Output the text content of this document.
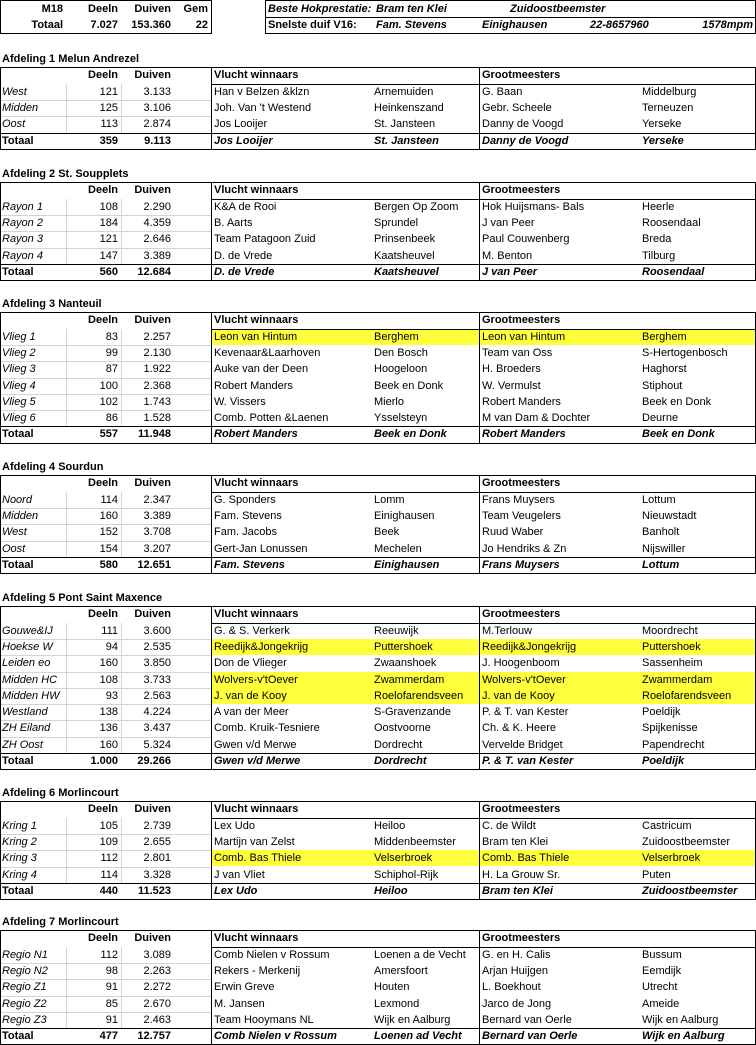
M18	Deeln	Duiven	Gem	Beste Hokprestatie: Bram ten Klei	Zuidoostbeemster
Totaal	7.027	153.360	22	Snelste duif V16:	Fam. Stevens	Einighausen	22-8657960	1578mpm
Afdeling 1 Melun Andrezel
Deeln	Duiven	Vlucht winnaars	Grootmeesters
West	121	3.133	Han v Belzen &klzn	Arnemuiden	G. Baan	Middelburg
Midden	125	3.106	Joh. Van 't Westend	Heinkenszand	Gebr. Scheele	Terneuzen
Oost	113	2.874	Jos Looijer	St. Jansteen	Danny de Voogd	Yerseke
Totaal	359	9.113	Jos Looijer	St. Jansteen	Danny de Voogd	Yerseke
Afdeling 2 St. Soupplets
Deeln	Duiven	Vlucht winnaars	Grootmeesters
Rayon 1	108	2.290	K&A de Rooi	Bergen Op Zoom	Hok Huijsmans- Bals	Heerle
Rayon 2	184	4.359	B. Aarts	Sprundel	J van Peer	Roosendaal
Rayon 3	121	2.646	Team Patagoon Zuid	Prinsenbeek	Paul Couwenberg	Breda
Rayon 4	147	3.389	D. de Vrede	Kaatsheuvel	M. Benton	Tilburg
Totaal	560	12.684	D. de Vrede	Kaatsheuvel	J van Peer	Roosendaal
Afdeling 3 Nanteuil
Deeln	Duiven	Vlucht winnaars	Grootmeesters
Vlieg 1	83	2.257	Leon van Hintum	Berghem	Leon van Hintum	Berghem
Vlieg 2	99	2.130	Kevenaar&Laarhoven	Den Bosch	Team van Oss	S-Hertogenbosch
Vlieg 3	87	1.922	Auke van der Deen	Hoogeloon	H. Broeders	Haghorst
Vlieg 4	100	2.368	Robert Manders	Beek en Donk	W. Vermulst	Stiphout
Vlieg 5	102	1.743	W. Vissers	Mierlo	Robert Manders	Beek en Donk
Vlieg 6	86	1.528	Comb. Potten &Laenen	Ysselsteyn	M van Dam & Dochter	Deurne
Totaal	557	11.948	Robert Manders	Beek en Donk	Robert Manders	Beek en Donk
Afdeling 4 Sourdun
Deeln	Duiven	Vlucht winnaars	Grootmeesters
Noord	114	2.347	G. Sponders	Lomm	Frans Muysers	Lottum
Midden	160	3.389	Fam. Stevens	Einighausen	Team Veugelers	Nieuwstadt
West	152	3.708	Fam. Jacobs	Beek	Ruud Waber	Banholt
Oost	154	3.207	Gert-Jan Lonussen	Mechelen	Jo Hendriks & Zn	Nijswiller
Totaal	580	12.651	Fam. Stevens	Einighausen	Frans Muysers	Lottum
Afdeling 5 Pont Saint Maxence
Deeln	Duiven	Vlucht winnaars	Grootmeesters
Gouwe&IJ	111	3.600	G. & S. Verkerk	Reeuwijk	M.Terlouw	Moordrecht
Hoekse W	94	2.535	Reedijk&Jongekrijg	Puttershoek	Reedijk&Jongekrijg	Puttershoek
Leiden eo	160	3.850	Don de Vlieger	Zwaanshoek	J. Hoogenboom	Sassenheim
Midden HC	108	3.733	Wolvers-v'tOever	Zwammerdam	Wolvers-v'tOever	Zwammerdam
Midden HW	93	2.563	J. van de Kooy	Roelofarendsveen	J. van de Kooy	Roelofarendsveen
Westland	138	4.224	A van der Meer	S-Gravenzande	P. & T. van Kester	Poeldijk
ZH Eiland	136	3.437	Comb. Kruik-Tesniere	Oostvoorne	Ch. & K. Heere	Spijkenisse
ZH Oost	160	5.324	Gwen v/d Merwe	Dordrecht	Vervelde Bridget	Papendrecht
Totaal	1.000	29.266	Gwen v/d Merwe	Dordrecht	P. & T. van Kester	Poeldijk
Afdeling 6 Morlincourt
Deeln	Duiven	Vlucht winnaars	Grootmeesters
Kring 1	105	2.739	Lex Udo	Heiloo	C. de Wildt	Castricum
Kring 2	109	2.655	Martijn van Zelst	Middenbeemster	Bram ten Klei	Zuidoostbeemster
Kring 3	112	2.801	Comb. Bas Thiele	Velserbroek	Comb. Bas Thiele	Velserbroek
Kring 4	114	3.328	J van Vliet	Schiphol-Rijk	H. La Grouw Sr.	Puten
Totaal	440	11.523	Lex Udo	Heiloo	Bram ten Klei	Zuidoostbeemster
Afdeling 7 Morlincourt
Deeln	Duiven	Vlucht winnaars	Grootmeesters
Regio N1	112	3.089	Comb Nielen v Rossum	Loenen a de Vecht	G. en H. Calis	Bussum
Regio N2	98	2.263	Rekers - Merkenij	Amersfoort	Arjan Huijgen	Eemdijk
Regio Z1	91	2.272	Erwin Greve	Houten	L. Boekhout	Utrecht
Regio Z2	85	2.670	M. Jansen	Lexmond	Jarco de Jong	Ameide
Regio Z3	91	2.463	Team Hooymans NL	Wijk en Aalburg	Bernard van Oerle	Wijk en Aalburg
Totaal	477	12.757	Comb Nielen v Rossum	Loenen ad Vecht	Bernard van Oerle	Wijk en Aalburg
